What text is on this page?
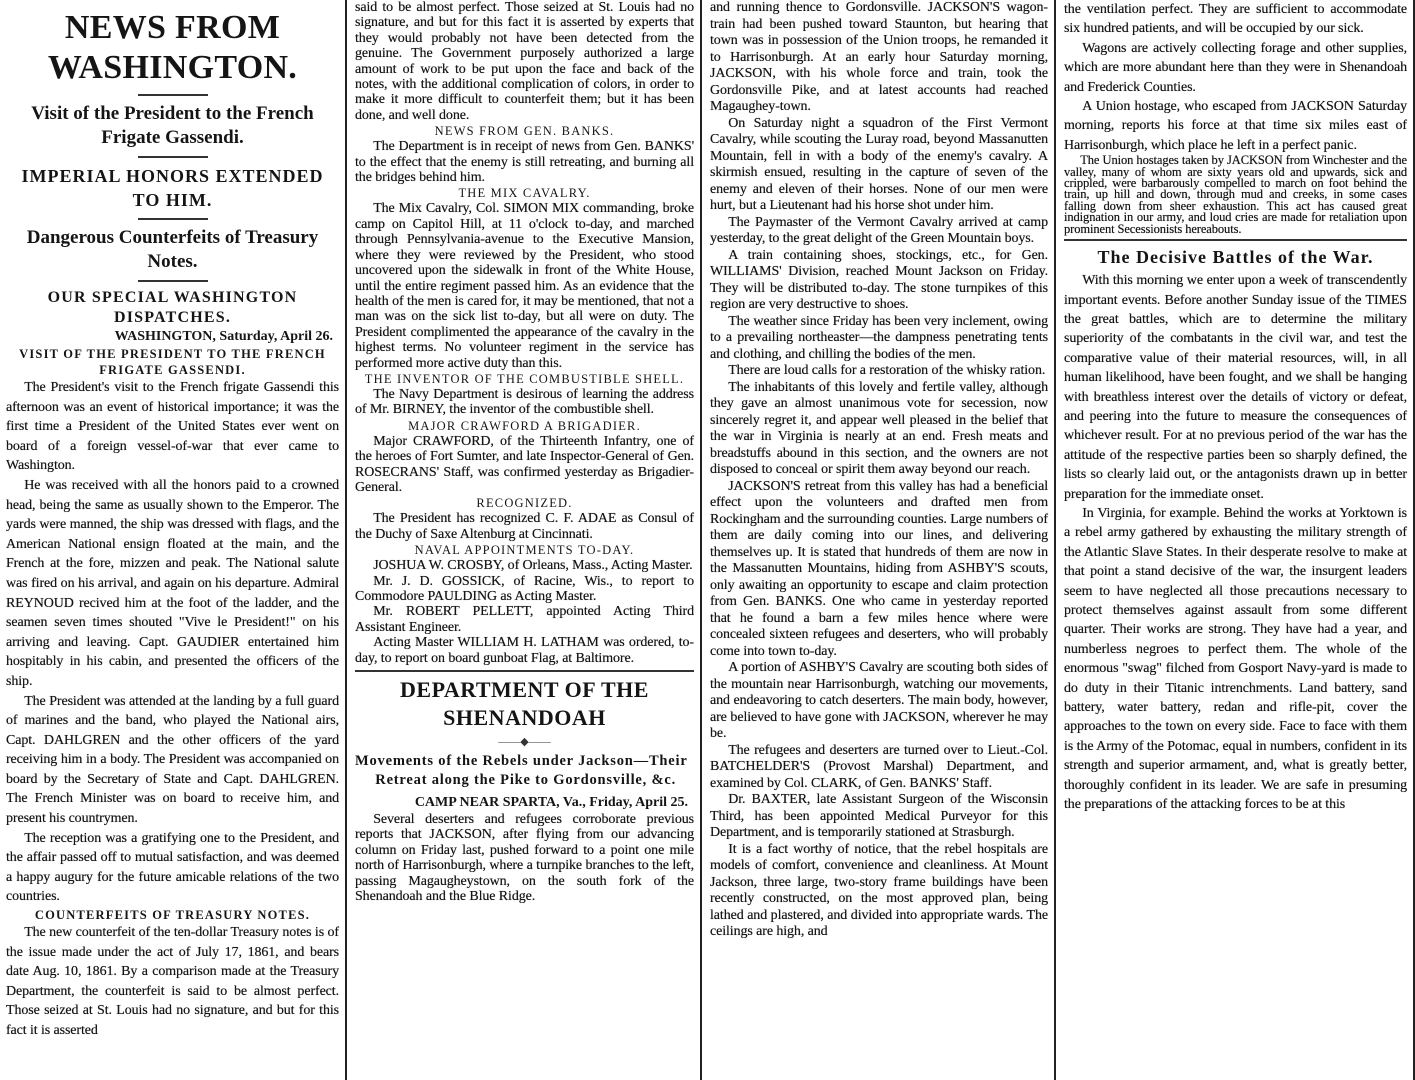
NEWS FROM WASHINGTON.
Visit of the President to the French Frigate Gassendi.
IMPERIAL HONORS EXTENDED TO HIM.
Dangerous Counterfeits of Treasury Notes.
OUR SPECIAL WASHINGTON DISPATCHES.
WASHINGTON, Saturday, April 26.
VISIT OF THE PRESIDENT TO THE FRENCH FRIGATE GASSENDI.

The President's visit to the French frigate Gassendi this afternoon was an event of historical importance; it was the first time a President of the United States ever went on board of a foreign vessel-of-war that ever came to Washington.

He was received with all the honors paid to a crowned head, being the same as usually shown to the Emperor. The yards were manned, the ship was dressed with flags, and the American National ensign floated at the main, and the French at the fore, mizzen and peak. The National salute was fired on his arrival, and again on his departure. Admiral REYNOUD recived him at the foot of the ladder, and the seamen seven times shouted "Vive le President!" on his arriving and leaving. Capt. GAUDIER entertained him hospitably in his cabin, and presented the officers of the ship.

The President was attended at the landing by a full guard of marines and the band, who played the National airs, Capt. DAHLGREN and the other officers of the yard receiving him in a body. The President was accompanied on board by the Secretary of State and Capt. DAHLGREN. The French Minister was on board to receive him, and present his countrymen.

The reception was a gratifying one to the President, and the affair passed off to mutual satisfaction, and was deemed a happy augury for the future amicable relations of the two countries.

COUNTERFEITS OF TREASURY NOTES.

The new counterfeit of the ten-dollar Treasury notes is of the issue made under the act of July 17, 1861, and bears date Aug. 10, 1861. By a comparison made at the Treasury Department, the counterfeit is said to be almost perfect. Those seized at St. Louis had no signature, and but for this fact it is asserted

said to be almost perfect. Those seized at St. Louis had no signature, and but for this fact it is asserted by experts that they would probably not have been detected from the genuine. The Government purposely authorized a large amount of work to be put upon the face and back of the notes, with the additional complication of colors, in order to make it more difficult to counterfeit them; but it has been done, and well done.

NEWS FROM GEN. BANKS.

The Department is in receipt of news from Gen. BANKS' to the effect that the enemy is still retreating, and burning all the bridges behind him.

THE MIX CAVALRY.

The Mix Cavalry, Col. SIMON MIX commanding, broke camp on Capitol Hill, at 11 o'clock to-day, and marched through Pennsylvania-avenue to the Executive Mansion, where they were reviewed by the President, who stood uncovered upon the sidewalk in front of the White House, until the entire regiment passed him. As an evidence that the health of the men is cared for, it may be mentioned, that not a man was on the sick list to-day, but all were on duty. The President complimented the appearance of the cavalry in the highest terms. No volunteer regiment in the service has performed more active duty than this.

THE INVENTOR OF THE COMBUSTIBLE SHELL.

The Navy Department is desirous of learning the address of Mr. BIRNEY, the inventor of the combustible shell.

MAJOR CRAWFORD A BRIGADIER.

Major CRAWFORD, of the Thirteenth Infantry, one of the heroes of Fort Sumter, and late Inspector-General of Gen. ROSECRANS' Staff, was confirmed yesterday as Brigadier-General.

RECOGNIZED.

The President has recognized C. F. ADAE as Consul of the Duchy of Saxe Altenburg at Cincinnati.

NAVAL APPOINTMENTS TO-DAY.

JOSHUA W. CROSBY, of Orleans, Mass., Acting Master.

Mr. J. D. GOSSICK, of Racine, Wis., to report to Commodore PAULDING as Acting Master.

Mr. ROBERT PELLETT, appointed Acting Third Assistant Engineer.

Acting Master WILLIAM H. LATHAM was ordered, to-day, to report on board gunboat Flag, at Baltimore.

DEPARTMENT OF THE SHENANDOAH
——◆——
Movements of the Rebels under Jackson—Their Retreat along the Pike to Gordonsville, &c.
CAMP NEAR SPARTA, Va., Friday, April 25.

Several deserters and refugees corroborate previous reports that JACKSON, after flying from our advancing column on Friday last, pushed forward to a point one mile north of Harrisonburgh, where a turnpike branches to the left, passing Magaugheystown, on the south fork of the Shenandoah and the Blue Ridge.

and running thence to Gordonsville. JACKSON'S wagon-train had been pushed toward Staunton, but hearing that town was in possession of the Union troops, he remanded it to Harrisonburgh. At an early hour Saturday morning, JACKSON, with his whole force and train, took the Gordonsville Pike, and at latest accounts had reached Magaughey-town.

On Saturday night a squadron of the First Vermont Cavalry, while scouting the Luray road, beyond Massanutten Mountain, fell in with a body of the enemy's cavalry. A skirmish ensued, resulting in the capture of seven of the enemy and eleven of their horses. None of our men were hurt, but a Lieutenant had his horse shot under him.

The Paymaster of the Vermont Cavalry arrived at camp yesterday, to the great delight of the Green Mountain boys.

A train containing shoes, stockings, etc., for Gen. WILLIAMS' Division, reached Mount Jackson on Friday. They will be distributed to-day. The stone turnpikes of this region are very destructive to shoes.

The weather since Friday has been very inclement, owing to a prevailing northeaster—the dampness penetrating tents and clothing, and chilling the bodies of the men.

There are loud calls for a restoration of the whisky ration.

The inhabitants of this lovely and fertile valley, although they gave an almost unanimous vote for secession, now sincerely regret it, and appear well pleased in the belief that the war in Virginia is nearly at an end. Fresh meats and breadstuffs abound in this section, and the owners are not disposed to conceal or spirit them away beyond our reach.

JACKSON'S retreat from this valley has had a beneficial effect upon the volunteers and drafted men from Rockingham and the surrounding counties. Large numbers of them are daily coming into our lines, and delivering themselves up. It is stated that hundreds of them are now in the Massanutten Mountains, hiding from ASHBY'S scouts, only awaiting an opportunity to escape and claim protection from Gen. BANKS. One who came in yesterday reported that he found a barn a few miles hence where were concealed sixteen refugees and deserters, who will probably come into town to-day.

A portion of ASHBY'S Cavalry are scouting both sides of the mountain near Harrisonburgh, watching our movements, and endeavoring to catch deserters. The main body, however, are believed to have gone with JACKSON, wherever he may be.

The refugees and deserters are turned over to Lieut.-Col. BATCHELDER'S (Provost Marshal) Department, and examined by Col. CLARK, of Gen. BANKS' Staff.

Dr. BAXTER, late Assistant Surgeon of the Wisconsin Third, has been appointed Medical Purveyor for this Department, and is temporarily stationed at Strasburgh.

It is a fact worthy of notice, that the rebel hospitals are models of comfort, convenience and cleanliness. At Mount Jackson, three large, two-story frame buildings have been recently constructed, on the most approved plan, being lathed and plastered, and divided into appropriate wards. The ceilings are high, and

the ventilation perfect. They are sufficient to accommodate six hundred patients, and will be occupied by our sick.

Wagons are actively collecting forage and other supplies, which are more abundant here than they were in Shenandoah and Frederick Counties.

A Union hostage, who escaped from JACKSON Saturday morning, reports his force at that time six miles east of Harrisonburgh, which place he left in a perfect panic.

The Union hostages taken by JACKSON from Winchester and the valley, many of whom are sixty years old and upwards, sick and crippled, were barbarously compelled to march on foot behind the train, up hill and down, through mud and creeks, in some cases falling down from sheer exhaustion. This act has caused great indignation in our army, and loud cries are made for retaliation upon prominent Secessionists hereabouts.

The Decisive Battles of the War.

With this morning we enter upon a week of transcendently important events. Before another Sunday issue of the TIMES the great battles, which are to determine the military superiority of the combatants in the civil war, and test the comparative value of their material resources, will, in all human likelihood, have been fought, and we shall be hanging with breathless interest over the details of victory or defeat, and peering into the future to measure the consequences of whichever result. For at no previous period of the war has the attitude of the respective parties been so sharply defined, the lists so clearly laid out, or the antagonists drawn up in better preparation for the immediate onset.

In Virginia, for example. Behind the works at Yorktown is a rebel army gathered by exhausting the military strength of the Atlantic Slave States. In their desperate resolve to make at that point a stand decisive of the war, the insurgent leaders seem to have neglected all those precautions necessary to protect themselves against assault from some different quarter. Their works are strong. They have had a year, and numberless negroes to perfect them. The whole of the enormous "swag" filched from Gosport Navy-yard is made to do duty in their Titanic intrenchments. Land battery, sand battery, water battery, redan and rifle-pit, cover the approaches to the town on every side. Face to face with them is the Army of the Potomac, equal in numbers, confident in its strength and superior armament, and, what is greatly better, thoroughly confident in its leader. We are safe in presuming the preparations of the attacking forces to be at this
